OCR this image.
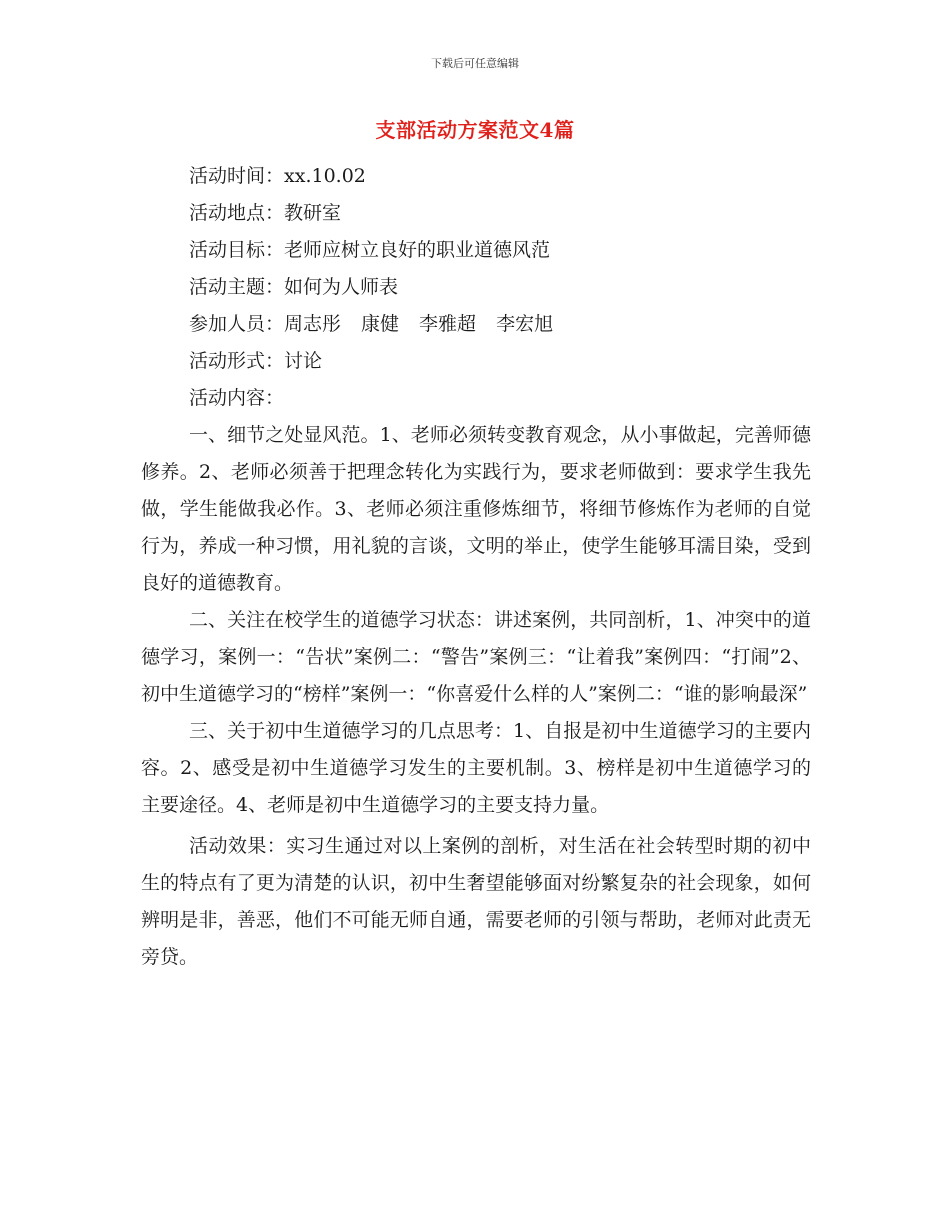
下载后可任意编辑
支部活动方案范文4篇
活动时间：xx.10.02
活动地点：教研室
活动目标：老师应树立良好的职业道德风范
活动主题：如何为人师表
参加人员：周志彤 康健 李雅超 李宏旭
活动形式：讨论
活动内容：

一、细节之处显风范。1、老师必须转变教育观念，从小事做起，完善师德修养。2、老师必须善于把理念转化为实践行为，要求老师做到：要求学生我先做，学生能做我必作。3、老师必须注重修炼细节，将细节修炼作为老师的自觉行为，养成一种习惯，用礼貌的言谈，文明的举止，使学生能够耳濡目染，受到良好的道德教育。

二、关注在校学生的道德学习状态：讲述案例，共同剖析，1、冲突中的道德学习，案例一：“告状”案例二：“警告”案例三：“让着我”案例四：“打闹”2、初中生道德学习的“榜样”案例一：“你喜爱什么样的人”案例二：“谁的影响最深”

三、关于初中生道德学习的几点思考：1、自报是初中生道德学习的主要内容。2、感受是初中生道德学习发生的主要机制。3、榜样是初中生道德学习的主要途径。4、老师是初中生道德学习的主要支持力量。

活动效果：实习生通过对以上案例的剖析，对生活在社会转型时期的初中生的特点有了更为清楚的认识，初中生奢望能够面对纷繁复杂的社会现象，如何辨明是非，善恶，他们不可能无师自通，需要老师的引领与帮助，老师对此责无旁贷。
